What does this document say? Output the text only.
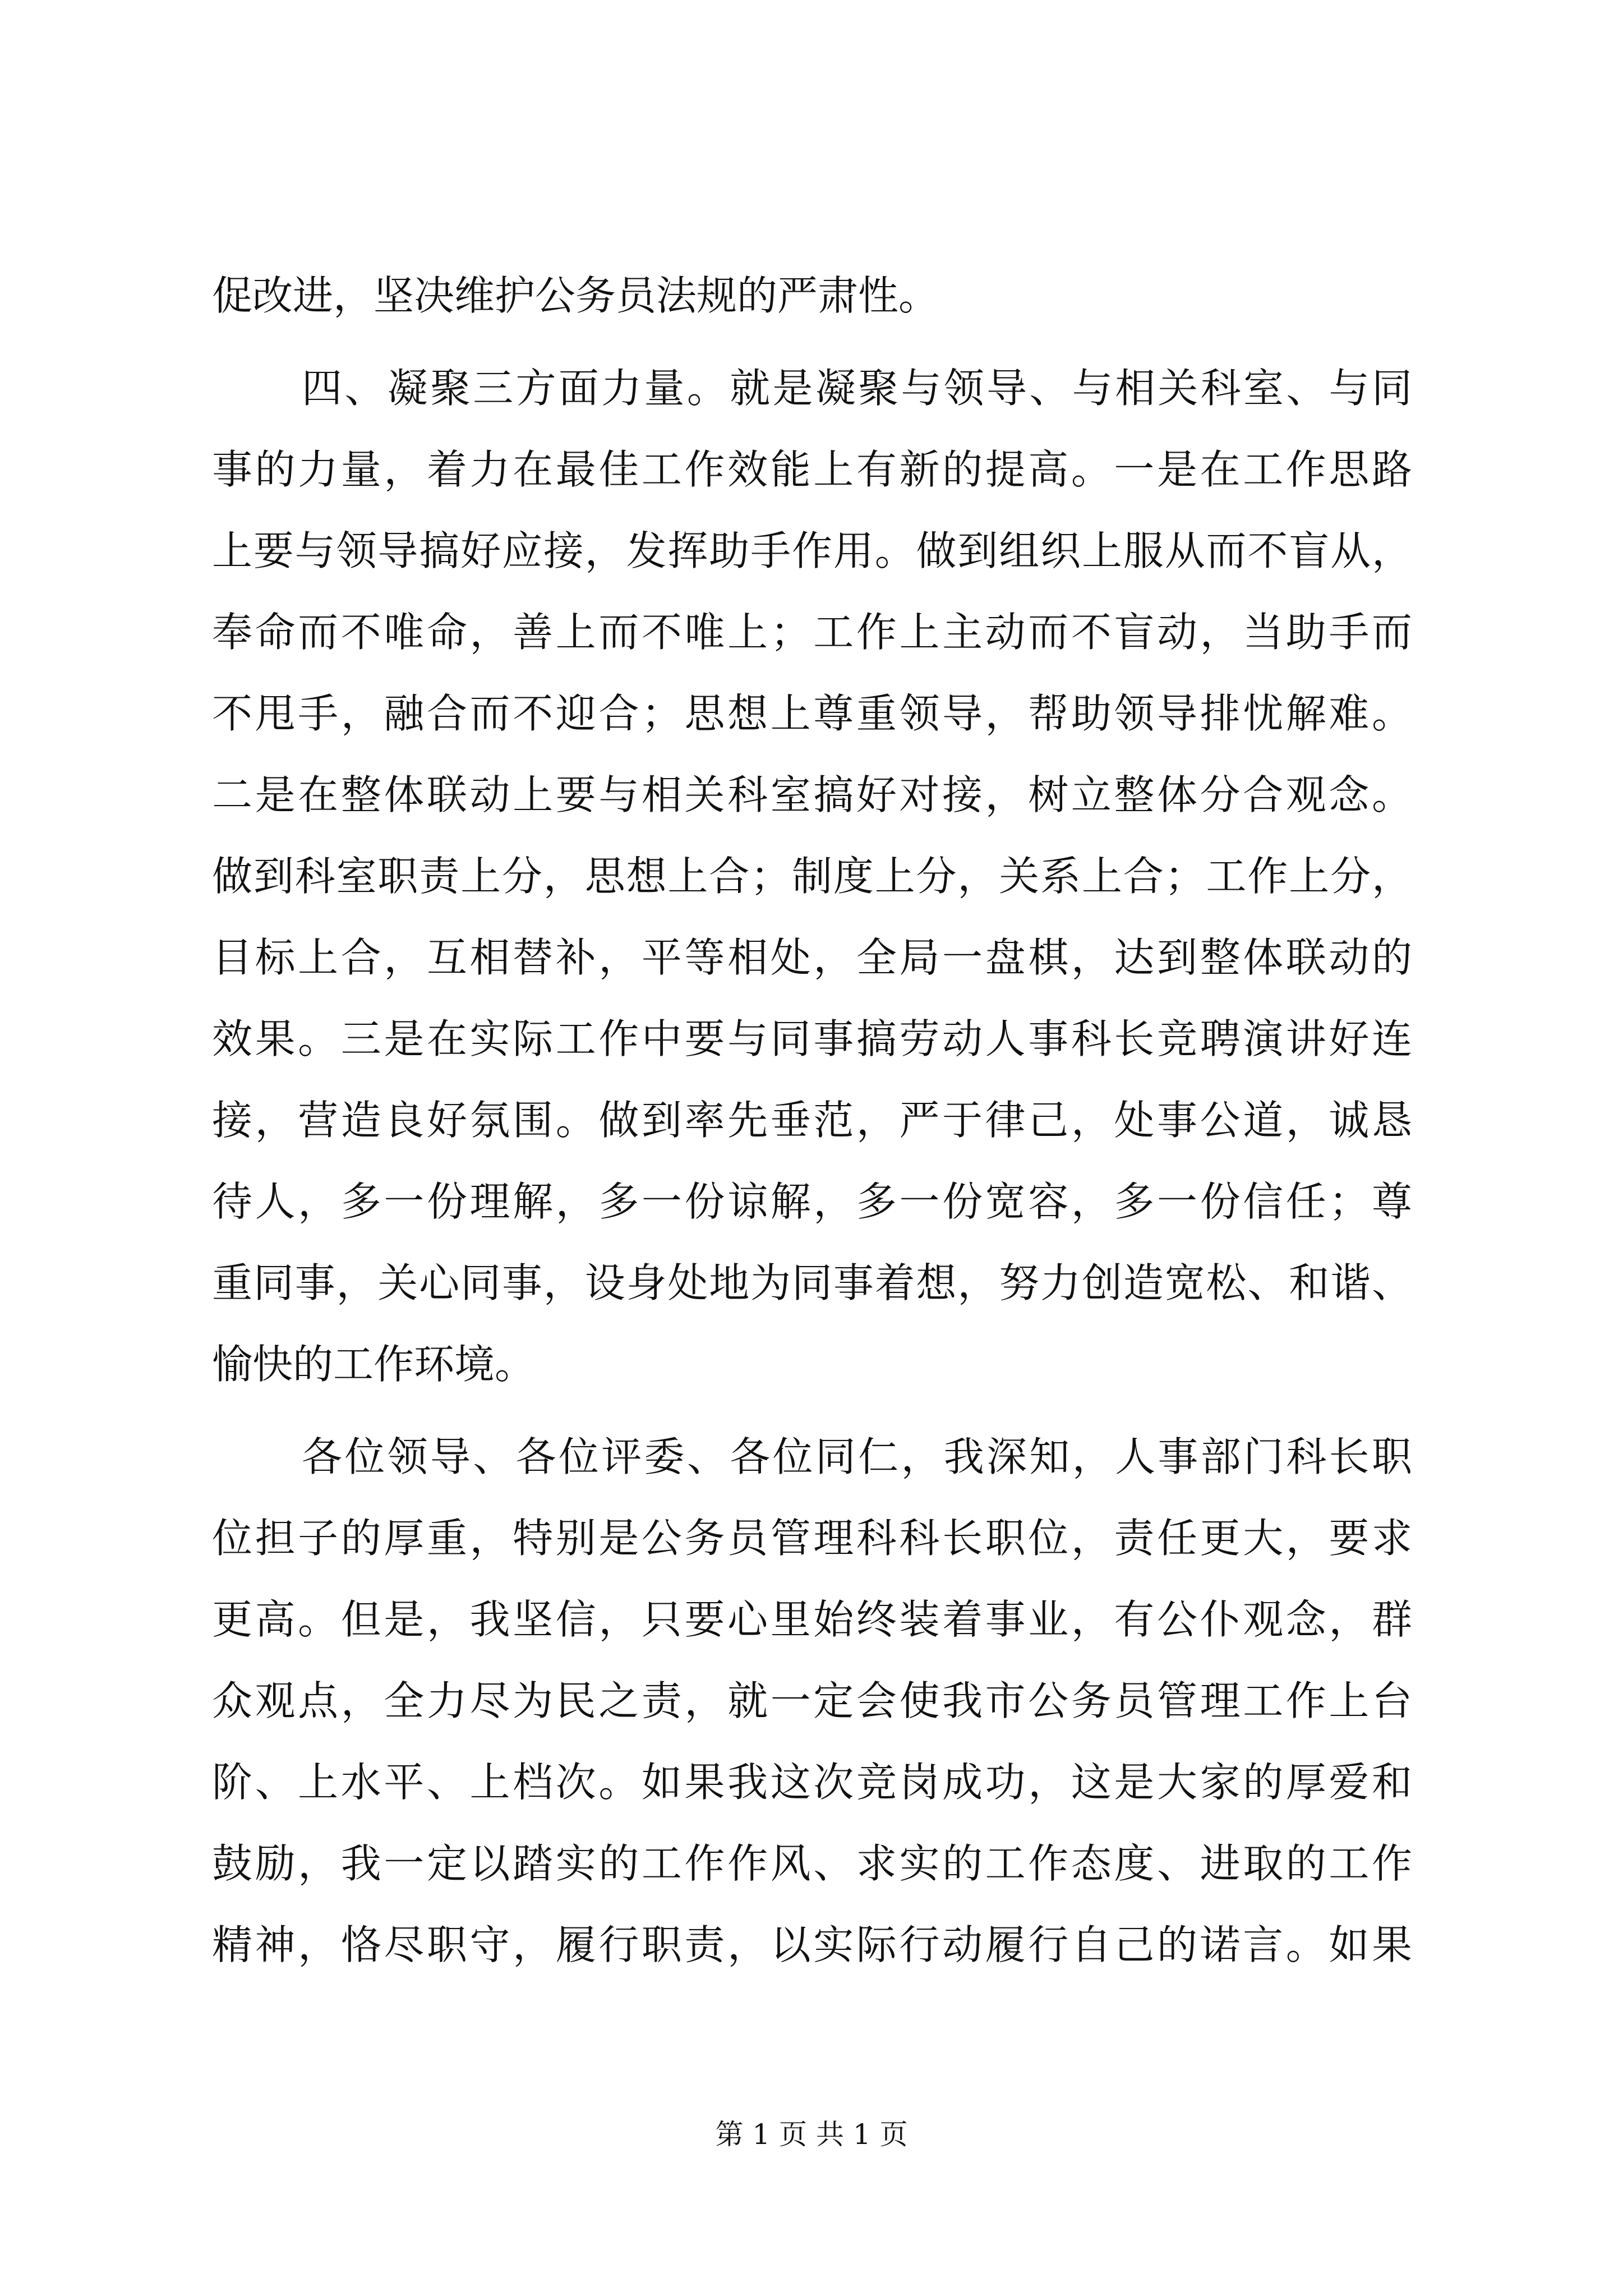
促改进，坚决维护公务员法规的严肃性。
四、凝聚三方面力量。就是凝聚与领导、与相关科室、与同
事的力量，着力在最佳工作效能上有新的提高。一是在工作思路
上要与领导搞好应接，发挥助手作用。做到组织上服从而不盲从，
奉命而不唯命，善上而不唯上；工作上主动而不盲动，当助手而
不甩手，融合而不迎合；思想上尊重领导，帮助领导排忧解难。
二是在整体联动上要与相关科室搞好对接，树立整体分合观念。
做到科室职责上分，思想上合；制度上分，关系上合；工作上分，
目标上合，互相替补，平等相处，全局一盘棋，达到整体联动的
效果。三是在实际工作中要与同事搞劳动人事科长竞聘演讲好连
接，营造良好氛围。做到率先垂范，严于律己，处事公道，诚恳
待人，多一份理解，多一份谅解，多一份宽容，多一份信任；尊
重同事，关心同事，设身处地为同事着想，努力创造宽松、和谐、
愉快的工作环境。
各位领导、各位评委、各位同仁，我深知，人事部门科长职
位担子的厚重，特别是公务员管理科科长职位，责任更大，要求
更高。但是，我坚信，只要心里始终装着事业，有公仆观念，群
众观点，全力尽为民之责，就一定会使我市公务员管理工作上台
阶、上水平、上档次。如果我这次竞岗成功，这是大家的厚爱和
鼓励，我一定以踏实的工作作风、求实的工作态度、进取的工作
精神，恪尽职守，履行职责，以实际行动履行自己的诺言。如果
第 1 页 共 1 页
